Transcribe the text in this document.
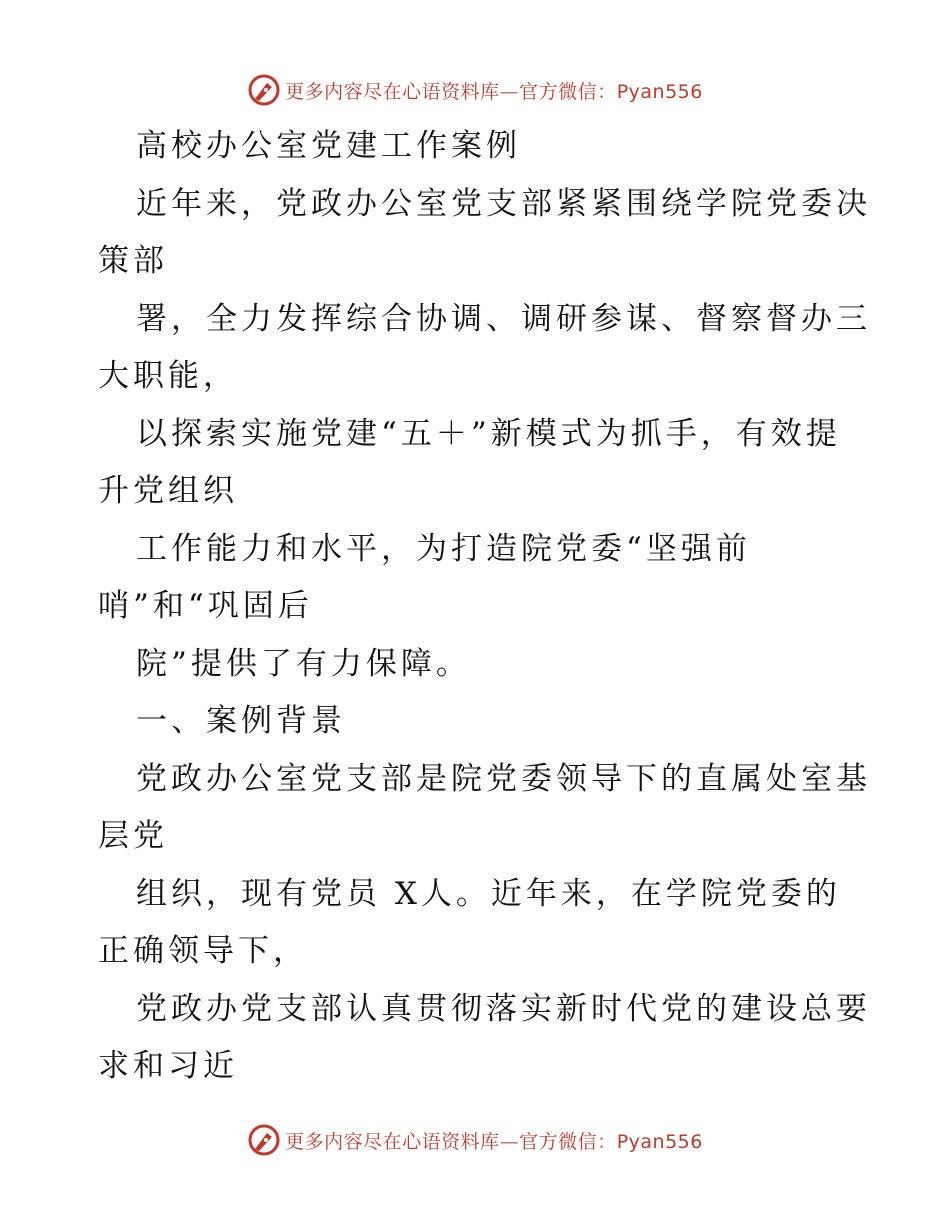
更多内容尽在心语资料库—官方微信：Pyan556
高校办公室党建工作案例
近年来，党政办公室党支部紧紧围绕学院党委决
策部
署，全力发挥综合协调、调研参谋、督察督办三
大职能，
以探索实施党建“五＋”新模式为抓手，有效提
升党组织
工作能力和水平，为打造院党委“坚强前
哨”和“巩固后
院”提供了有力保障。
一、案例背景
党政办公室党支部是院党委领导下的直属处室基
层党
组织，现有党员 X人。近年来，在学院党委的
正确领导下，
党政办党支部认真贯彻落实新时代党的建设总要
求和习近
更多内容尽在心语资料库—官方微信：Pyan556
